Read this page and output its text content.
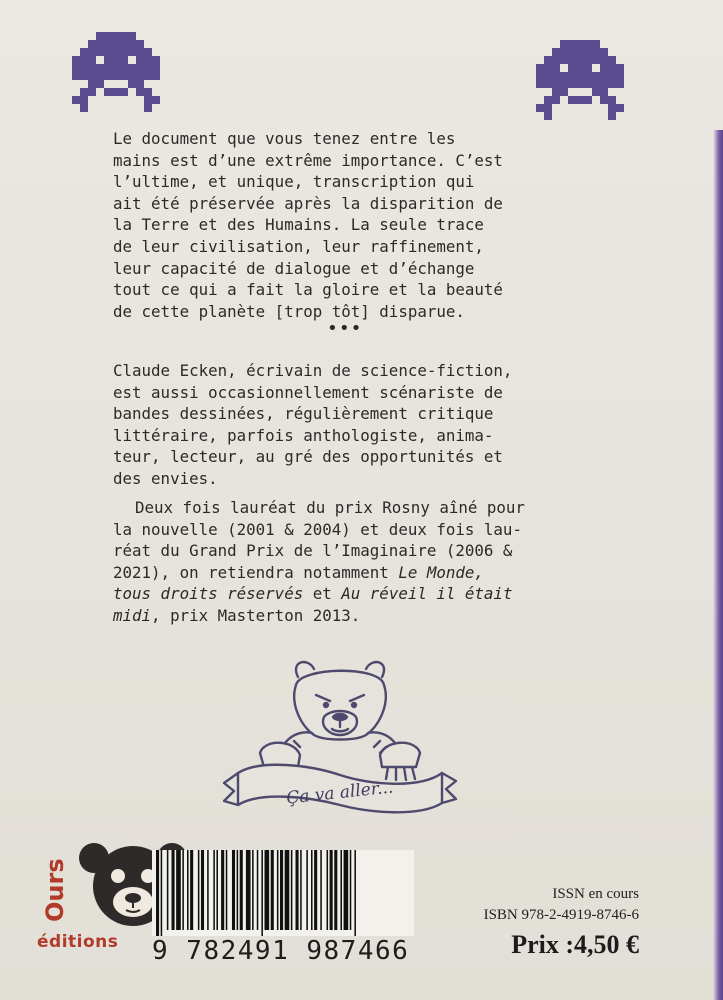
Le document que vous tenez entre les
mains est d’une extrême importance. C’est
l’ultime, et unique, transcription qui
ait été préservée après la disparition de
la Terre et des Humains. La seule trace
de leur civilisation, leur raffinement,
leur capacité de dialogue et d’échange
tout ce qui a fait la gloire et la beauté
de cette planète [trop tôt] disparue.
•••
Claude Ecken, écrivain de science-fiction,
est aussi occasionnellement scénariste de
bandes dessinées, régulièrement critique
littéraire, parfois anthologiste, anima-
teur, lecteur, au gré des opportunités et
des envies.
Deux fois lauréat du prix Rosny aîné pour
la nouvelle (2001 & 2004) et deux fois lau-
réat du Grand Prix de l’Imaginaire (2006 &
2021), on retiendra notamment Le Monde,
tous droits réservés et Au réveil il était
midi, prix Masterton 2013.
Ça va aller...
Ours
éditions 9 782491 987466
ISSN en cours
ISBN 978-2-4919-8746-6
Prix :4,50 €
